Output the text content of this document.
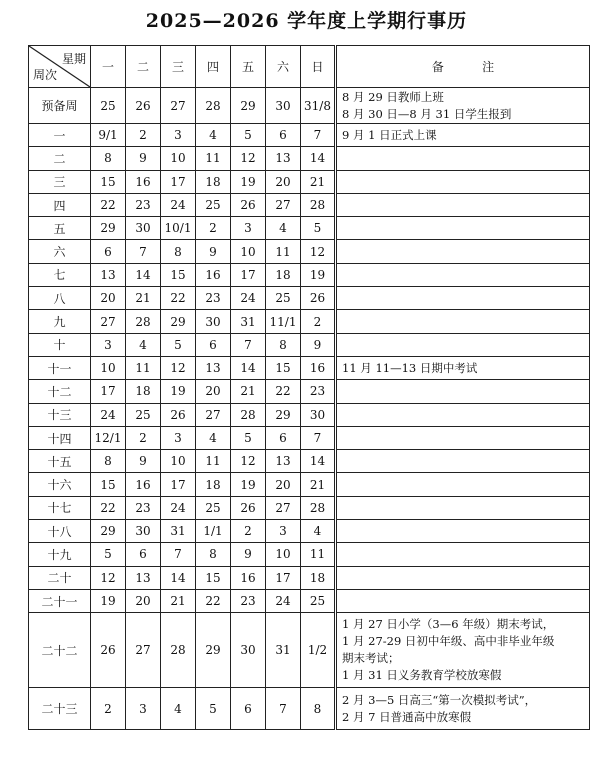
2025—2026 学年度上学期行事历
星期
周次	一	二	三	四	五	六	日	备          注
预备周	25	26	27	28	29	30	31/8	8 月 29 日教师上班
8 月 30 日—8 月 31 日学生报到

一	9/1	2	3	4	5	6	7	9 月 1 日正式上课

二	8	9	10	11	12	13	14	
三	15	16	17	18	19	20	21	
四	22	23	24	25	26	27	28	
五	29	30	10/1	2	3	4	5	
六	6	7	8	9	10	11	12	
七	13	14	15	16	17	18	19	
八	20	21	22	23	24	25	26	
九	27	28	29	30	31	11/1	2	
十	3	4	5	6	7	8	9	
十一	10	11	12	13	14	15	16	11 月 11—13 日期中考试

十二	17	18	19	20	21	22	23	
十三	24	25	26	27	28	29	30	
十四	12/1	2	3	4	5	6	7	
十五	8	9	10	11	12	13	14	
十六	15	16	17	18	19	20	21	
十七	22	23	24	25	26	27	28	
十八	29	30	31	1/1	2	3	4	
十九	5	6	7	8	9	10	11	
二十	12	13	14	15	16	17	18	
二十一	19	20	21	22	23	24	25	
二十二	26	27	28	29	30	31	1/2	1 月 27 日小学（3—6 年级）期末考试，
1 月 27-29 日初中年级、高中非毕业年级
期末考试；
1 月 31 日义务教育学校放寒假

二十三	2	3	4	5	6	7	8	2 月 3—5 日高三“第一次模拟考试”，
2 月 7 日普通高中放寒假
